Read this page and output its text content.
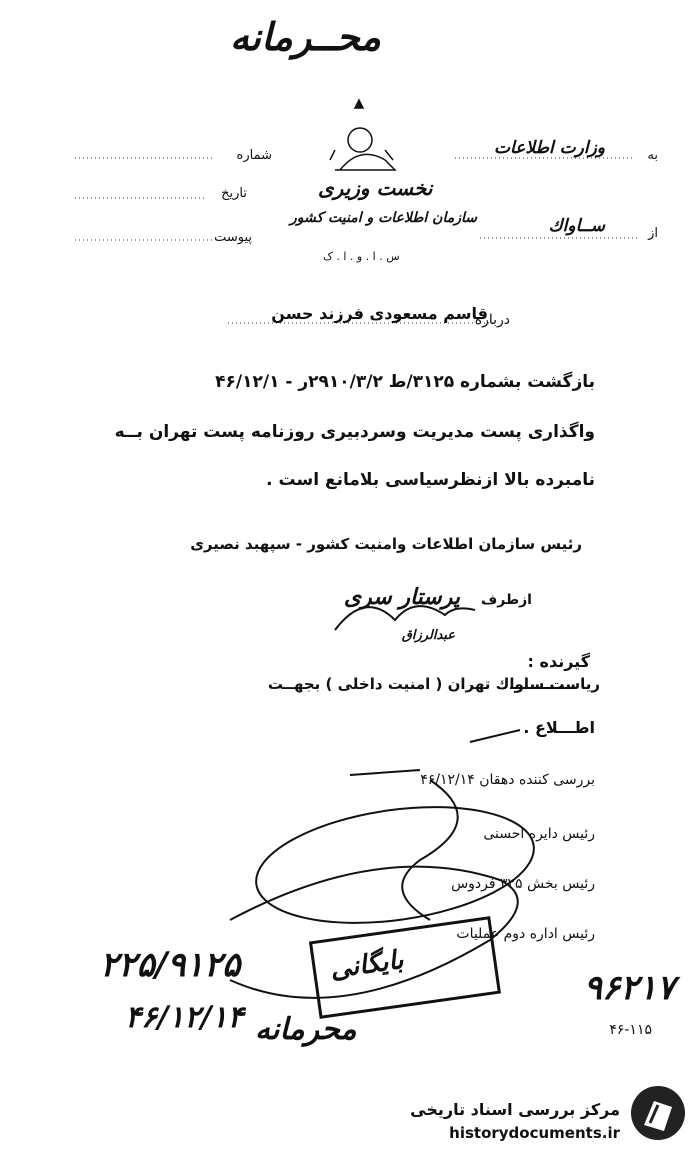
محــرمانه
به
وزارت اطلاعات
شماره
تاریخ
پیوست	از
ســاواك
نخست وزیری
سازمان اطلاعات و امنیت کشور
س . ا . و . ا . ک
درباره
قاسم مسعودی فرزند حسن
بازگشت بشماره ۳۱۲۵/ط ۲۹۱۰/۳/۲ر - ۴۶/۱۲/۱
واگذاری پست مدیریت وسردبیری روزنامه پست تهران بــه
نامبرده بالا ازنظرسیاسی بلامانع است .
رئیس سازمان اطلاعات وامنیت کشور - سپهبد نصیری
ازطرف
پرستار سری
عبدالرزاق
گیرنده :
ریاست ساواك تهران ( امنیت داخلی ) بجهــت
اطـــلاع .
بررسی کننده دهقان ۴۶/۱۲/۱۴
رئیس دایره احسنی
رئیس بخش ۳۲۵ فردوس
رئیس اداره دوم عملیات
۲۲۵/۹۱۲۵
۴۶/۱۲/۱۴
۹۶۲۱۷
بایگانی
محرمانه	۴۶-۱۱۵
مرکز بررسی اسناد تاریخی
historydocuments.ir
